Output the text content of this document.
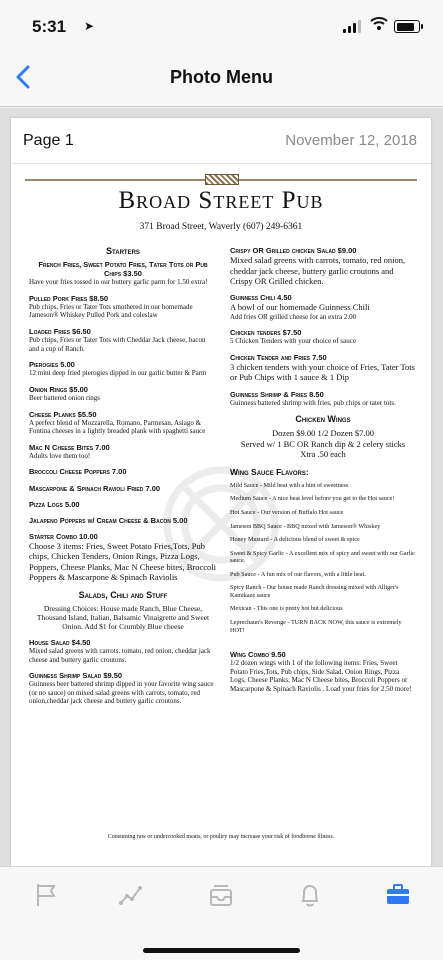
5:31 ➤
Photo Menu
Page 1	November 12, 2018
Broad Street Pub
371 Broad Street, Waverly (607) 249-6361
Starters
French Fries, Sweet Potato Fries, Tater Tots or Pub Chips $3.50
Have your fries tossed in our buttery garlic parm for 1.50 extra!
Pulled Pork Fries $8.50
Pub chips, Fries or Tater Tots smothered in our homemade Jameson® Whiskey Pulled Pork and coleslaw
Loaded Fries $6.50
Pub chips, Fries or Tater Tots with Cheddar Jack cheese, bacon and a cup of Ranch.
Pierogies 5.00
12 mini deep fried pierogies dipped in our garlic butter & Parm
Onion Rings $5.00
Beer battered onion rings
Cheese Planks $5.50
A perfect blend of Mozzarella, Romano, Parmesan, Asiago & Fontina cheeses in a lightly breaded plank with spaghetti sauce
Mac N Cheese Bites 7.00
Adults love them too!
Broccoli Cheese Poppers 7.00
Mascarpone & Spinach Ravioli Fried 7.00
Pizza Logs 5.00
Jalapeno Poppers w/ Cream Cheese & Bacon 5.00
Starter Combo 10.00
Choose 3 items: Fries, Sweet Potato Fries,Tots, Pub chips, Chicken Tenders, Onion Rings, Pizza Logs, Poppers, Cheese Planks, Mac N Cheese bites, Broccoli Poppers & Mascarpone & Spinach Raviolis
Salads, Chili and Stuff
Dressing Choices: House made Ranch, Blue Cheese, Thousand Island, Italian, Balsamic Vinaigrette and Sweet Onion. Add $1 for Crumbly Blue cheese
House Salad $4.50
Mixed salad greens with carrots, tomato, red onion, cheddar jack cheese and buttery garlic croutons.
Guinness Shrimp Salad $9.50
Guinness beer battered shrimp dipped in your favorite wing sauce (or no sauce) on mixed salad greens with carrots, tomato, red onion,cheddar jack cheese and buttery garlic croutons.
Crispy OR Grilled chicken Salad $9.00
Mixed salad greens with carrots, tomato, red onion, cheddar jack cheese, buttery garlic croutons and Crispy OR Grilled chicken.
Guinness Chili 4.50
A bowl of our homemade Guinness Chili
Add fries OR grilled cheese for an extra 2.00
Chicken tenders $7.50
5 Chicken Tenders with your choice of sauce
Chicken Tender and Fries 7.50
3 chicken tenders with your choice of Fries, Tater Tots or Pub Chips with 1 sauce & 1 Dip
Guinness Shrimp & Fries 8.50
Guinness battered shrimp with fries, pub chips or tater tots.
Chicken Wings
Dozen $9.00 1/2 Dozen $7.00
Served w/ 1 BC OR Ranch dip & 2 celery sticks
Xtra .50 each
Wing Sauce Flavors:
Mild Sauce - Mild heat with a hint of sweetness
Medium Sauce - A nice heat level before you get to the Hot sauce!
Hot Sauce - Our version of Buffalo Hot sauce
Jameson BBQ Sauce - BBQ mixed with Jameson® Whiskey
Honey Mustard - A delicious blend of sweet & spice
Sweet & Spicy Garlic - A excellent mix of spicy and sweet with our Garlic sauce.
Pub Sauce - A fun mix of our flavors, with a little heat.
Spicy Ranch - Our house made Ranch dressing mixed with Alliger's Kamikaze sauce
Mexican - This one is pretty hot but delicious
Leprechaun's Revenge - TURN BACK NOW, this sauce is extremely HOT!
Wing Combo 9.50
1/2 dozen wings with 1 of the following items: Fries, Sweet Potato Fries,Tots, Pub chips, Side Salad, Onion Rings, Pizza Logs, Cheese Planks, Mac N Cheese bites, Broccoli Poppers or Mascarpone & Spinach Raviolis . Load your fries for 2.50 more!
Consuming raw or undercooked meats, or poultry may increase your risk of foodborne illness.
